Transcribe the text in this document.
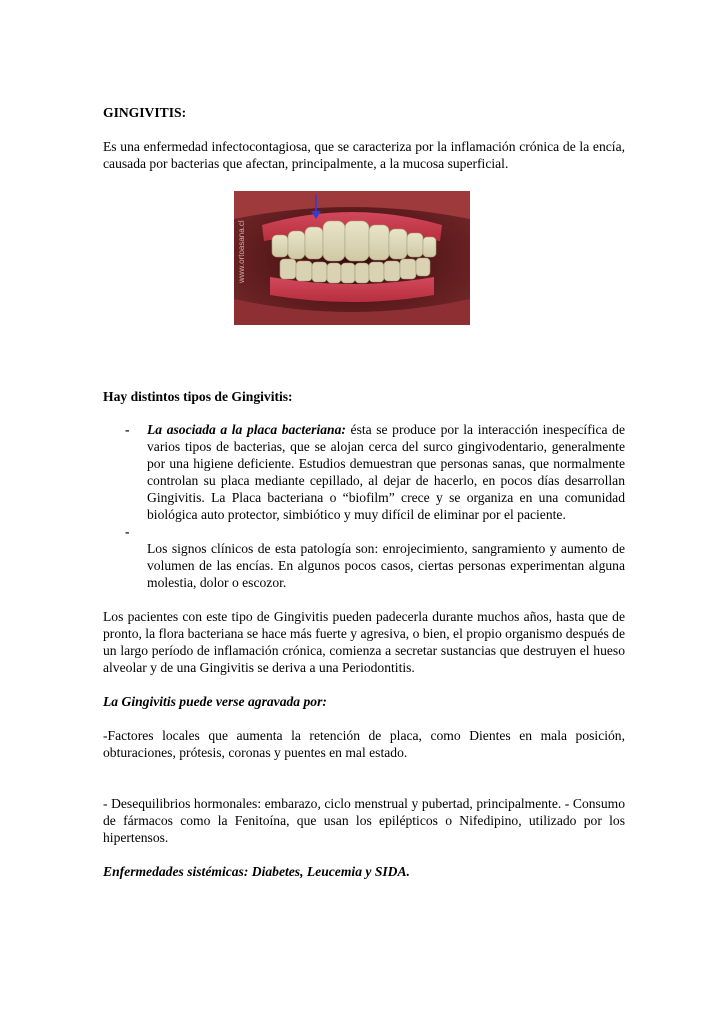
GINGIVITIS:

Es una enfermedad infectocontagiosa, que se caracteriza por la inflamación crónica de la encía, causada por bacterias que afectan, principalmente, a la mucosa superficial.

www.ortoasana.cl

Hay distintos tipos de Gingivitis:

- La asociada a la placa bacteriana: ésta se produce por la interacción inespecífica de varios tipos de bacterias, que se alojan cerca del surco gingivodentario, generalmente por una higiene deficiente. Estudios demuestran que personas sanas, que normalmente controlan su placa mediante cepillado, al dejar de hacerlo, en pocos días desarrollan Gingivitis. La Placa bacteriana o “biofilm” crece y se organiza en una comunidad biológica auto protector, simbiótico y muy difícil de eliminar por el paciente.
-

Los signos clínicos de esta patología son: enrojecimiento, sangramiento y aumento de volumen de las encías. En algunos pocos casos, ciertas personas experimentan alguna molestia, dolor o escozor.

Los pacientes con este tipo de Gingivitis pueden padecerla durante muchos años, hasta que de pronto, la flora bacteriana se hace más fuerte y agresiva, o bien, el propio organismo después de un largo período de inflamación crónica, comienza a secretar sustancias que destruyen el hueso alveolar y de una Gingivitis se deriva a una Periodontitis.

La Gingivitis puede verse agravada por:

-Factores locales que aumenta la retención de placa, como Dientes en mala posición, obturaciones, prótesis, coronas y puentes en mal estado.

- Desequilibrios hormonales: embarazo, ciclo menstrual y pubertad, principalmente. - Consumo de fármacos como la Fenitoína, que usan los epilépticos o Nifedipino, utilizado por los hipertensos.

Enfermedades sistémicas: Diabetes, Leucemia y SIDA.
